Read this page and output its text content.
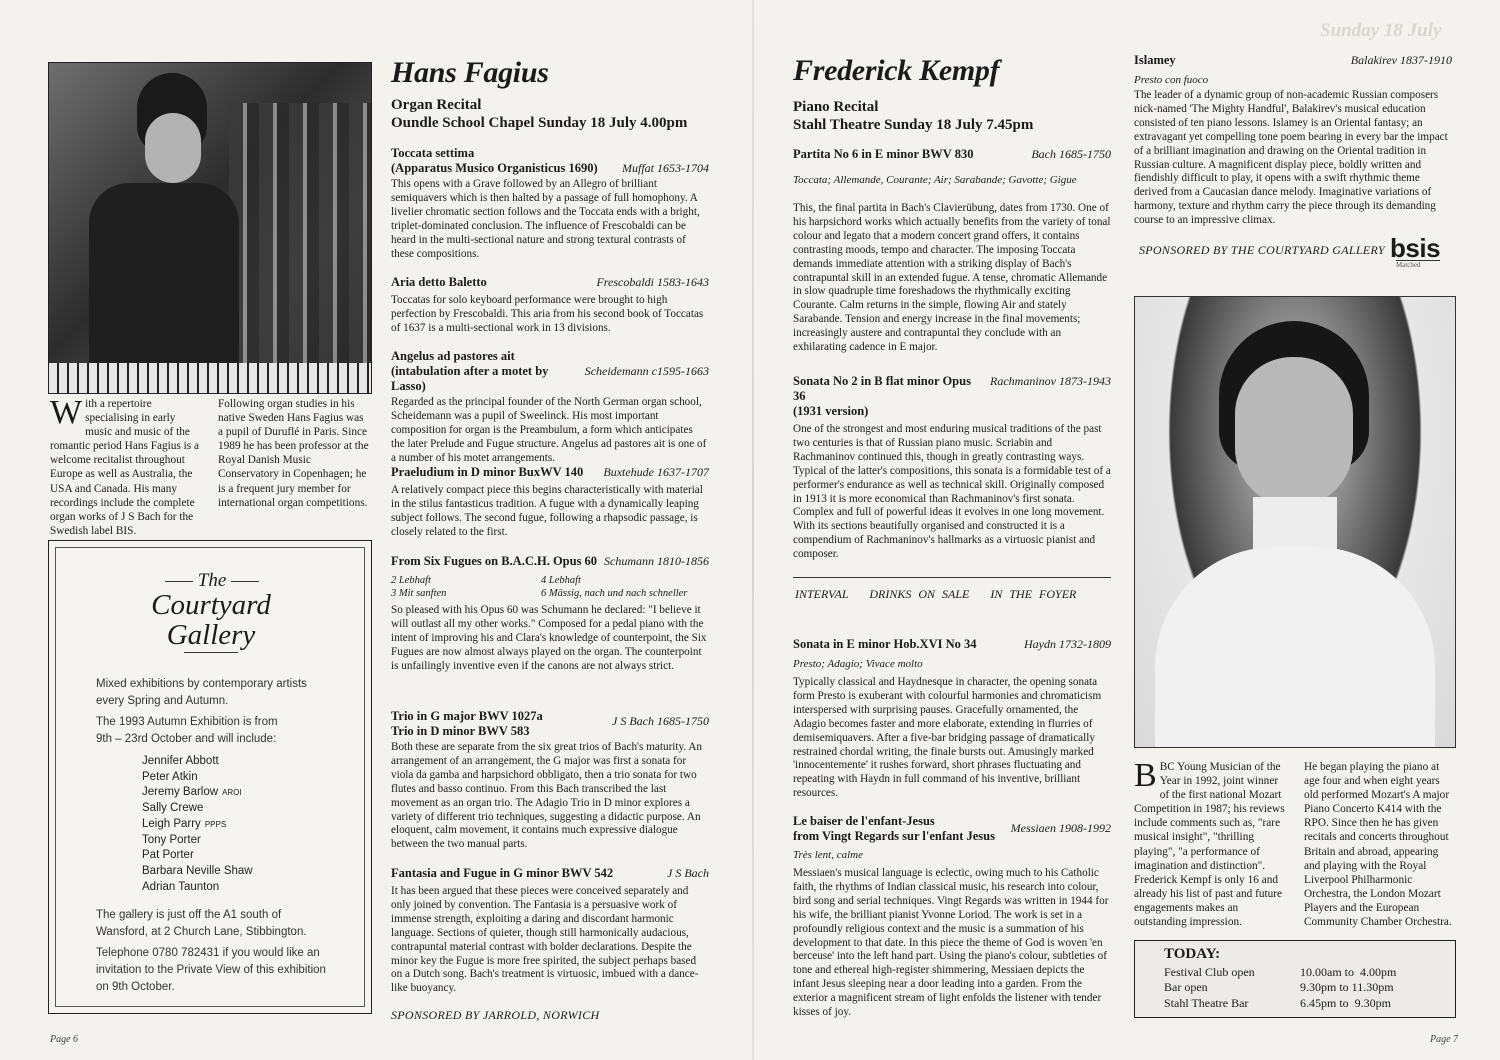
Sunday 18 July
With a repertoire specialising in early music and music of the romantic period Hans Fagius is a welcome recitalist throughout Europe as well as Australia, the USA and Canada. His many recordings include the complete organ works of J S Bach for the Swedish label BIS.
Following organ studies in his native Sweden Hans Fagius was a pupil of Duruflé in Paris. Since 1989 he has been professor at the Royal Danish Music Conservatory in Copenhagen; he is a frequent jury member for international organ competitions.
The
Courtyard
Gallery
Mixed exhibitions by contemporary artists every Spring and Autumn.
The 1993 Autumn Exhibition is from 9th – 23rd October and will include:
Jennifer Abbott
Peter Atkin
Jeremy Barlow AROI
Sally Crewe
Leigh Parry PPPS
Tony Porter
Pat Porter
Barbara Neville Shaw
Adrian Taunton
The gallery is just off the A1 south of Wansford, at 2 Church Lane, Stibbington.
Telephone 0780 782431 if you would like an invitation to the Private View of this exhibition on 9th October.
Page 6
Hans Fagius
Organ Recital
Oundle School Chapel Sunday 18 July 4.00pm
Toccata settima
(Apparatus Musico Organisticus 1690)	Muffat 1653-1704
This opens with a Grave followed by an Allegro of brilliant semiquavers which is then halted by a passage of full homophony. A livelier chromatic section follows and the Toccata ends with a bright, triplet-dominated conclusion. The influence of Frescobaldi can be heard in the multi-sectional nature and strong textural contrasts of these compositions.
Aria detto Baletto	Frescobaldi 1583-1643
Toccatas for solo keyboard performance were brought to high perfection by Frescobaldi. This aria from his second book of Toccatas of 1637 is a multi-sectional work in 13 divisions.
Angelus ad pastores ait
(intabulation after a motet by Lasso)
Scheidemann c1595-1663
Regarded as the principal founder of the North German organ school, Scheidemann was a pupil of Sweelinck. His most important composition for organ is the Preambulum, a form which anticipates the later Prelude and Fugue structure. Angelus ad pastores ait is one of a number of his motet arrangements.
Praeludium in D minor BuxWV 140	Buxtehude 1637-1707
A relatively compact piece this begins characteristically with material in the stilus fantasticus tradition. A fugue with a dynamically leaping subject follows. The second fugue, following a rhapsodic passage, is closely related to the first.
From Six Fugues on B.A.C.H. Opus 60 Schumann 1810-1856
2 Lebhaft	4 Lebhaft
3 Mit sanften	6 Mässig, nach und nach schneller
So pleased with his Opus 60 was Schumann he declared: "I believe it will outlast all my other works." Composed for a pedal piano with the intent of improving his and Clara's knowledge of counterpoint, the Six Fugues are now almost always played on the organ. The counterpoint is unfailingly inventive even if the canons are not always strict.
Trio in G major BWV 1027a
Trio in D minor BWV 583
J S Bach 1685-1750
Both these are separate from the six great trios of Bach's maturity. An arrangement of an arrangement, the G major was first a sonata for viola da gamba and harpsichord obbligato, then a trio sonata for two flutes and basso continuo. From this Bach transcribed the last movement as an organ trio. The Adagio Trio in D minor explores a variety of different trio techniques, suggesting a didactic purpose. An eloquent, calm movement, it contains much expressive dialogue between the two manual parts.
Fantasia and Fugue in G minor BWV 542	J S Bach
It has been argued that these pieces were conceived separately and only joined by convention. The Fantasia is a persuasive work of immense strength, exploiting a daring and discordant harmonic language. Sections of quieter, though still harmonically audacious, contrapuntal material contrast with bolder declarations. Despite the minor key the Fugue is more free spirited, the subject perhaps based on a Dutch song. Bach's treatment is virtuosic, imbued with a dance-like buoyancy.
SPONSORED BY JARROLD, NORWICH
Frederick Kempf
Piano Recital
Stahl Theatre Sunday 18 July 7.45pm
Partita No 6 in E minor BWV 830	Bach 1685-1750
Toccata; Allemande, Courante; Air; Sarabande; Gavotte; Gigue
This, the final partita in Bach's Clavierübung, dates from 1730. One of his harpsichord works which actually benefits from the variety of tonal colour and legato that a modern concert grand offers, it contains contrasting moods, tempo and character. The imposing Toccata demands immediate attention with a striking display of Bach's contrapuntal skill in an extended fugue. A tense, chromatic Allemande in slow quadruple time foreshadows the rhythmically exciting Courante. Calm returns in the simple, flowing Air and stately Sarabande. Tension and energy increase in the final movements; increasingly austere and contrapuntal they conclude with an exhilarating cadence in E major.
Sonata No 2 in B flat minor Opus 36
(1931 version)
Rachmaninov 1873-1943
One of the strongest and most enduring musical traditions of the past two centuries is that of Russian piano music. Scriabin and Rachmaninov continued this, though in greatly contrasting ways. Typical of the latter's compositions, this sonata is a formidable test of a performer's endurance as well as technical skill. Originally composed in 1913 it is more economical than Rachmaninov's first sonata. Complex and full of powerful ideas it evolves in one long movement. With its sections beautifully organised and constructed it is a compendium of Rachmaninov's hallmarks as a virtuosic pianist and composer.
INTERVAL   DRINKS ON SALE   IN THE FOYER
Sonata in E minor Hob.XVI No 34	Haydn 1732-1809
Presto; Adagio; Vivace molto
Typically classical and Haydnesque in character, the opening sonata form Presto is exuberant with colourful harmonies and chromaticism interspersed with surprising pauses. Gracefully ornamented, the Adagio becomes faster and more elaborate, extending in flurries of demisemiquavers. After a five-bar bridging passage of dramatically restrained chordal writing, the finale bursts out. Amusingly marked 'innocentemente' it rushes forward, short phrases fluctuating and repeating with Haydn in full command of his inventive, brilliant resources.
Le baiser de l'enfant-Jesus
from Vingt Regards sur l'enfant Jesus
Messiaen 1908-1992
Très lent, calme
Messiaen's musical language is eclectic, owing much to his Catholic faith, the rhythms of Indian classical music, his research into colour, bird song and serial techniques. Vingt Regards was written in 1944 for his wife, the brilliant pianist Yvonne Loriod. The work is set in a profoundly religious context and the music is a summation of his development to that date. In this piece the theme of God is woven 'en berceuse' into the left hand part. Using the piano's colour, subtleties of tone and ethereal high-register shimmering, Messiaen depicts the infant Jesus sleeping near a door leading into a garden. From the exterior a magnificent stream of light enfolds the listener with tender kisses of joy.
Islamey	Balakirev 1837-1910
Presto con fuoco
The leader of a dynamic group of non-academic Russian composers nick-named 'The Mighty Handful', Balakirev's musical education consisted of ten piano lessons. Islamey is an Oriental fantasy; an extravagant yet compelling tone poem bearing in every bar the impact of a brilliant imagination and drawing on the Oriental tradition in Russian culture. A magnificent display piece, boldly written and fiendishly difficult to play, it opens with a swift rhythmic theme derived from a Caucasian dance melody. Imaginative variations of harmony, texture and rhythm carry the piece through its demanding course to an impressive climax.
SPONSORED BY THE COURTYARD GALLERY bsis
Matched
BBC Young Musician of the Year in 1992, joint winner of the first national Mozart Competition in 1987; his reviews include comments such as, "rare musical insight", "thrilling playing", "a performance of imagination and distinction". Frederick Kempf is only 16 and already his list of past and future engagements makes an outstanding impression.
He began playing the piano at age four and when eight years old performed Mozart's A major Piano Concerto K414 with the RPO. Since then he has given recitals and concerts throughout Britain and abroad, appearing and playing with the Royal Liverpool Philharmonic Orchestra, the London Mozart Players and the European Community Chamber Orchestra.
TODAY:
Festival Club open	10.00am to  4.00pm
Bar open	9.30pm to 11.30pm
Stahl Theatre Bar	6.45pm to  9.30pm
Page 7
